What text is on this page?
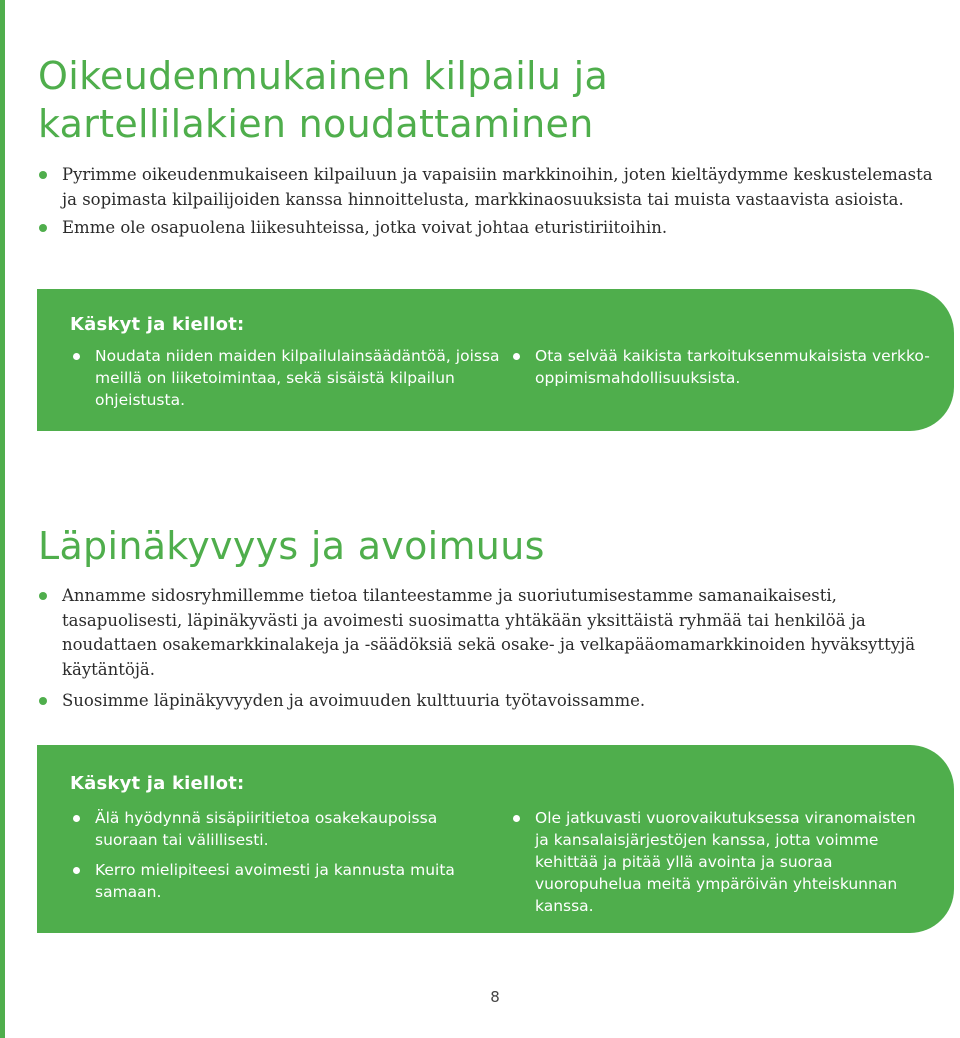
Oikeudenmukainen kilpailu ja
kartellilakien noudattaminen
Pyrimme oikeudenmukaiseen kilpailuun ja vapaisiin markkinoihin, joten kieltäydymme keskustelemasta ja sopimasta kilpailijoiden kanssa hinnoittelusta, markkinaosuuksista tai muista vastaavista asioista.
Emme ole osapuolena liikesuhteissa, jotka voivat johtaa eturistiriitoihin.
Käskyt ja kiellot:
Noudata niiden maiden kilpailulainsäädäntöä, joissa meillä on liiketoimintaa, sekä sisäistä kilpailun ohjeistusta.
Ota selvää kaikista tarkoituksenmukaisista verkko-oppimismahdollisuuksista.
Läpinäkyvyys ja avoimuus
Annamme sidosryhmillemme tietoa tilanteestamme ja suoriutumisestamme samanaikaisesti, tasapuolisesti, läpinäkyvästi ja avoimesti suosimatta yhtäkään yksittäistä ryhmää tai henkilöä ja noudattaen osakemarkkinalakeja ja -säädöksiä sekä osake- ja velkapääomamarkkinoiden hyväksyttyjä käytäntöjä.
Suosimme läpinäkyvyyden ja avoimuuden kulttuuria työtavoissamme.
Käskyt ja kiellot:
Älä hyödynnä sisäpiiritietoa osakekaupoissa suoraan tai välillisesti.
Kerro mielipiteesi avoimesti ja kannusta muita samaan.
Ole jatkuvasti vuorovaikutuksessa viranomaisten ja kansalaisjärjestöjen kanssa, jotta voimme kehittää ja pitää yllä avointa ja suoraa vuoropuhelua meitä ympäröivän yhteiskunnan kanssa.
8
